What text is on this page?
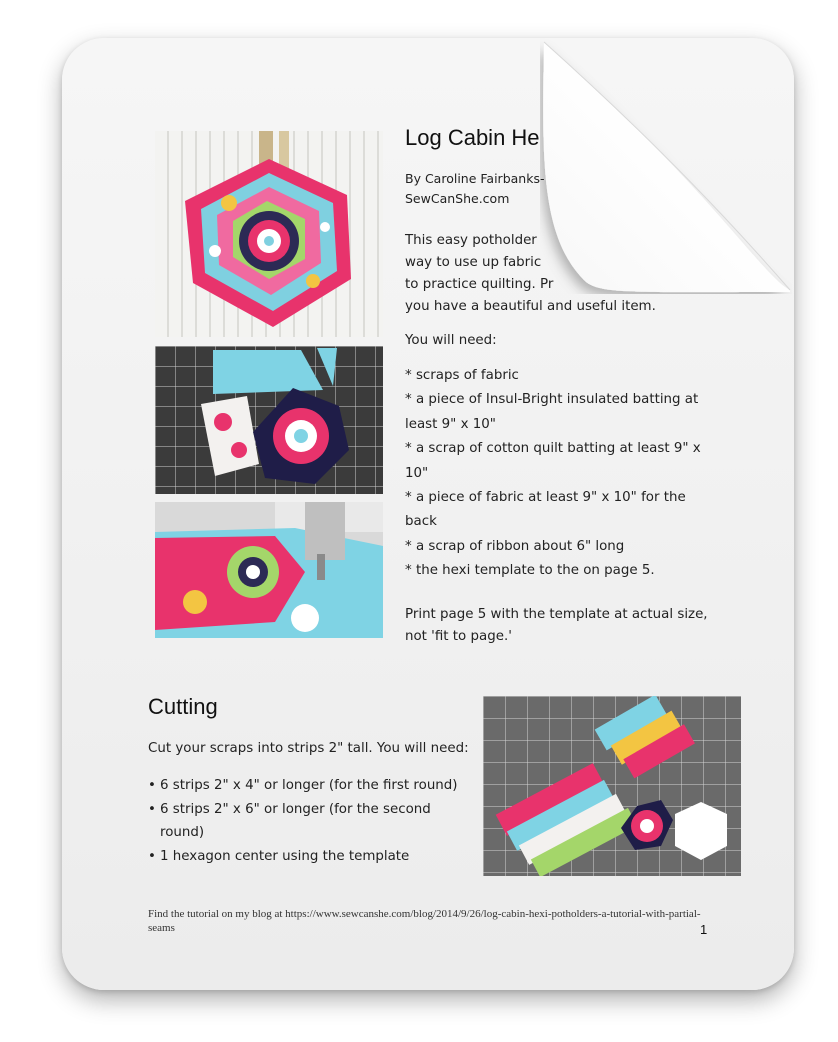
Log Cabin He
By Caroline Fairbanks-
SewCanShe.com
This easy potholder
way to use up fabric
to practice quilting. Pr
you have a beautiful and useful item.
You will need:
* scraps of fabric
* a piece of Insul-Bright insulated batting at least 9" x 10"
* a scrap of cotton quilt batting at least 9" x 10"
* a piece of fabric at least 9" x 10" for the back
* a scrap of ribbon about 6" long
* the hexi template to the on page 5.
Print page 5 with the template at actual size, not 'fit to page.'
Cutting
Cut your scraps into strips 2" tall. You will need:
• 6 strips 2" x 4" or longer (for the first round)
• 6 strips 2" x 6" or longer (for the second round)
• 1 hexagon center using the template
Find the tutorial on my blog at https://www.sewcanshe.com/blog/2014/9/26/log-cabin-hexi-potholders-a-tutorial-with-partial-seams	1
